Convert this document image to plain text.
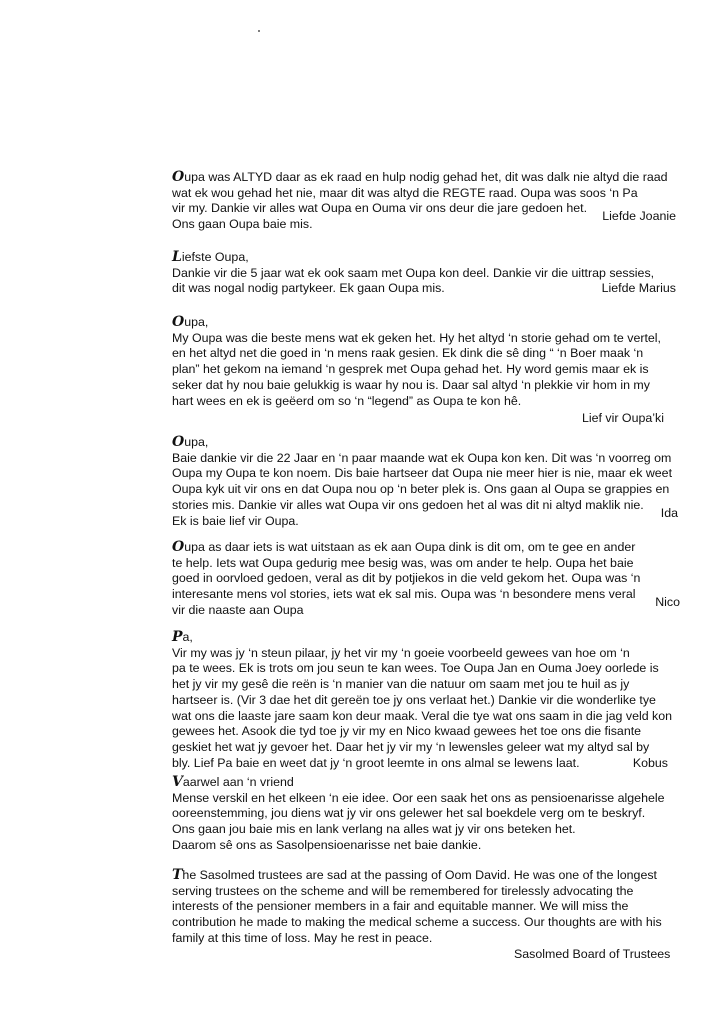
Oupa was ALTYD daar as ek raad en hulp nodig gehad het, dit was dalk nie altyd die raad
wat ek wou gehad het nie, maar dit was altyd die REGTE raad. Oupa was soos ‘n Pa
vir my. Dankie vir alles wat Oupa en Ouma vir ons deur die jare gedoen het.
Ons gaan Oupa baie mis.
Liefde Joanie
Liefste Oupa,
Dankie vir die 5 jaar wat ek ook saam met Oupa kon deel. Dankie vir die uittrap sessies,
dit was nogal nodig partykeer. Ek gaan Oupa mis.	Liefde Marius
Oupa,
My Oupa was die beste mens wat ek geken het. Hy het altyd ‘n storie gehad om te vertel,
en het altyd net die goed in ‘n mens raak gesien. Ek dink die sê ding “ ‘n Boer maak ‘n
plan” het gekom na iemand ‘n gesprek met Oupa gehad het. Hy word gemis maar ek is
seker dat hy nou baie gelukkig is waar hy nou is. Daar sal altyd ‘n plekkie vir hom in my
hart wees en ek is geëerd om so ‘n “legend” as Oupa te kon hê.
Lief vir Oupa’ki
Oupa,
Baie dankie vir die 22 Jaar en ‘n paar maande wat ek Oupa kon ken. Dit was ‘n voorreg om
Oupa my Oupa te kon noem. Dis baie hartseer dat Oupa nie meer hier is nie, maar ek weet
Oupa kyk uit vir ons en dat Oupa nou op ‘n beter plek is. Ons gaan al Oupa se grappies en
stories mis. Dankie vir alles wat Oupa vir ons gedoen het al was dit ni altyd maklik nie.
Ida
Ek is baie lief vir Oupa.
Oupa as daar iets is wat uitstaan as ek aan Oupa dink is dit om, om te gee en ander
te help. Iets wat Oupa gedurig mee besig was, was om ander te help. Oupa het baie
goed in oorvloed gedoen, veral as dit by potjiekos in die veld gekom het. Oupa was ‘n
interesante mens vol stories, iets wat ek sal mis. Oupa was ‘n besondere mens veral
vir die naaste aan Oupa
Nico
Pa,
Vir my was jy ‘n steun pilaar, jy het vir my ‘n goeie voorbeeld gewees van hoe om ‘n
pa te wees. Ek is trots om jou seun te kan wees. Toe Oupa Jan en Ouma Joey oorlede is
het jy vir my gesê die reën is ‘n manier van die natuur om saam met jou te huil as jy
hartseer is. (Vir 3 dae het dit gereën toe jy ons verlaat het.) Dankie vir die wonderlike tye
wat ons die laaste jare saam kon deur maak. Veral die tye wat ons saam in die jag veld kon
gewees het. Asook die tyd toe jy vir my en Nico kwaad gewees het toe ons die fisante
geskiet het wat jy gevoer het. Daar het jy vir my ‘n lewensles geleer wat my altyd sal by
bly. Lief Pa baie en weet dat jy ‘n groot leemte in ons almal se lewens laat.	Kobus
Vaarwel aan ‘n vriend
Mense verskil en het elkeen ‘n eie idee. Oor een saak het ons as pensioenarisse algehele
ooreenstemming, jou diens wat jy vir ons gelewer het sal boekdele verg om te beskryf.
Ons gaan jou baie mis en lank verlang na alles wat jy vir ons beteken het.
Daarom sê ons as Sasolpensioenarisse net baie dankie.
The Sasolmed trustees are sad at the passing of Oom David. He was one of the longest
serving trustees on the scheme and will be remembered for tirelessly advocating the
interests of the pensioner members in a fair and equitable manner. We will miss the
contribution he made to making the medical scheme a success. Our thoughts are with his
family at this time of loss. May he rest in peace.
Sasolmed Board of Trustees
